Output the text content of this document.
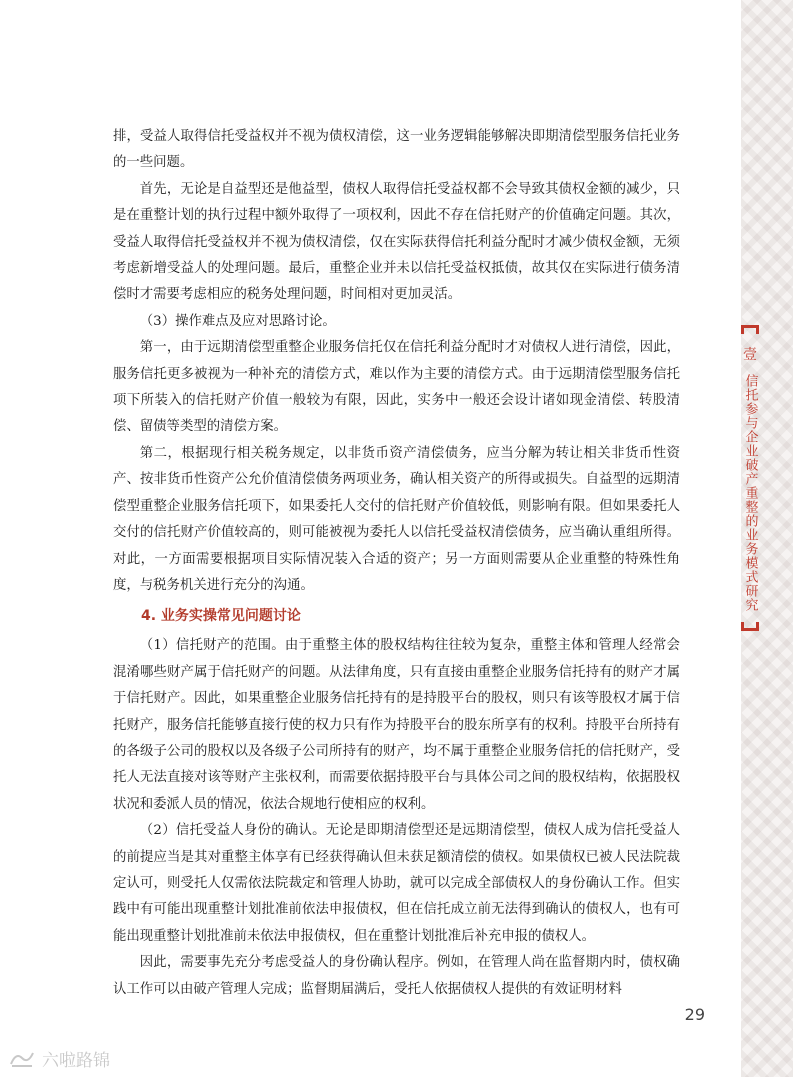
排，受益人取得信托受益权并不视为债权清偿，这一业务逻辑能够解决即期清偿型服务信托业务的一些问题。

首先，无论是自益型还是他益型，债权人取得信托受益权都不会导致其债权金额的减少，只是在重整计划的执行过程中额外取得了一项权利，因此不存在信托财产的价值确定问题。其次，受益人取得信托受益权并不视为债权清偿，仅在实际获得信托利益分配时才减少债权金额，无须考虑新增受益人的处理问题。最后，重整企业并未以信托受益权抵债，故其仅在实际进行债务清偿时才需要考虑相应的税务处理问题，时间相对更加灵活。

（3）操作难点及应对思路讨论。

第一，由于远期清偿型重整企业服务信托仅在信托利益分配时才对债权人进行清偿，因此，服务信托更多被视为一种补充的清偿方式，难以作为主要的清偿方式。由于远期清偿型服务信托项下所装入的信托财产价值一般较为有限，因此，实务中一般还会设计诸如现金清偿、转股清偿、留债等类型的清偿方案。

第二，根据现行相关税务规定，以非货币资产清偿债务，应当分解为转让相关非货币性资产、按非货币性资产公允价值清偿债务两项业务，确认相关资产的所得或损失。自益型的远期清偿型重整企业服务信托项下，如果委托人交付的信托财产价值较低，则影响有限。但如果委托人交付的信托财产价值较高的，则可能被视为委托人以信托受益权清偿债务，应当确认重组所得。对此，一方面需要根据项目实际情况装入合适的资产；另一方面则需要从企业重整的特殊性角度，与税务机关进行充分的沟通。

4. 业务实操常见问题讨论

（1）信托财产的范围。由于重整主体的股权结构往往较为复杂，重整主体和管理人经常会混淆哪些财产属于信托财产的问题。从法律角度，只有直接由重整企业服务信托持有的财产才属于信托财产。因此，如果重整企业服务信托持有的是持股平台的股权，则只有该等股权才属于信托财产，服务信托能够直接行使的权力只有作为持股平台的股东所享有的权利。持股平台所持有的各级子公司的股权以及各级子公司所持有的财产，均不属于重整企业服务信托的信托财产，受托人无法直接对该等财产主张权利，而需要依据持股平台与具体公司之间的股权结构，依据股权状况和委派人员的情况，依法合规地行使相应的权利。

（2）信托受益人身份的确认。无论是即期清偿型还是远期清偿型，债权人成为信托受益人的前提应当是其对重整主体享有已经获得确认但未获足额清偿的债权。如果债权已被人民法院裁定认可，则受托人仅需依法院裁定和管理人协助，就可以完成全部债权人的身份确认工作。但实践中有可能出现重整计划批准前依法申报债权，但在信托成立前无法得到确认的债权人，也有可能出现重整计划批准前未依法申报债权，但在重整计划批准后补充申报的债权人。

因此，需要事先充分考虑受益人的身份确认程序。例如，在管理人尚在监督期内时，债权确认工作可以由破产管理人完成；监督期届满后，受托人依据债权人提供的有效证明材料

壹
信托参与企业破产重整的业务模式研究
29
六啦路锦
